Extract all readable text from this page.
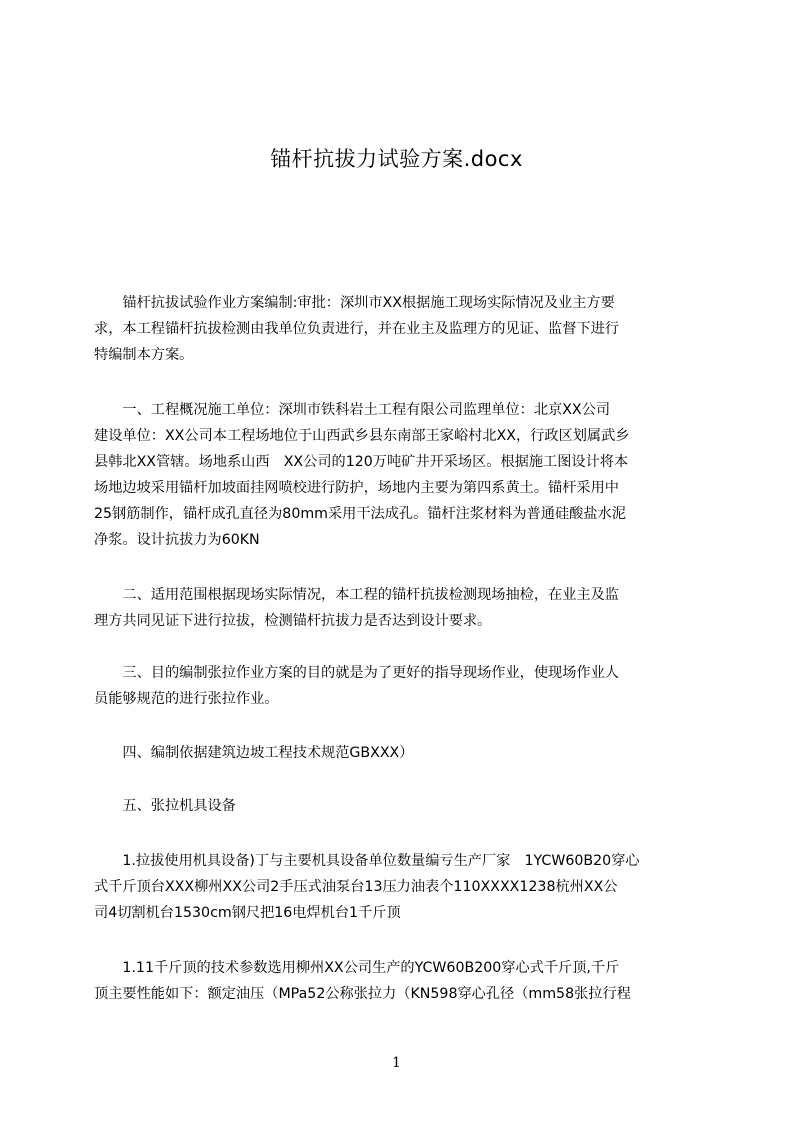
锚杆抗拔力试验方案.docx
　　锚杆抗拔试验作业方案编制:审批：深圳市XX根据施工现场实际情况及业主方要
求，本工程锚杆抗拔检测由我单位负责进行，并在业主及监理方的见证、监督下进行
特编制本方案。
　　一、工程概况施工单位：深圳市铁科岩土工程有限公司监理单位：北京XX公司
建设单位：XX公司本工程场地位于山西武乡县东南部王家峪村北XX，行政区划属武乡
县韩北XX管辖。场地系山西　XX公司的120万吨矿井开采场区。根据施工图设计将本
场地边坡采用锚杆加坡面挂网喷校进行防护，场地内主要为第四系黄土。锚杆采用中
25钢筋制作，锚杆成孔直径为80mm采用干法成孔。锚杆注浆材料为普通硅酸盐水泥
净浆。设计抗拔力为60KN
　　二、适用范围根据现场实际情况，本工程的锚杆抗拔检测现场抽检，在业主及监
理方共同见证下进行拉拔，检测锚杆抗拔力是否达到设计要求。
　　三、目的编制张拉作业方案的目的就是为了更好的指导现场作业，使现场作业人
员能够规范的进行张拉作业。
　　四、编制依据建筑边坡工程技术规范GBXXX）
　　五、张拉机具设备
　　1.拉拔使用机具设备)丁与主要机具设备单位数量编亏生产厂家　1YCW60B20穿心
式千斤顶台XXX柳州XX公司2手压式油泵台13压力油表个110XXXX1238杭州XX公
司4切割机台1530cm钢尺把16电焊机台1千斤顶
　　1.11千斤顶的技术参数选用柳州XX公司生产的YCW60B200穿心式千斤顶,千斤
顶主要性能如下：额定油压（MPa52公称张拉力（KN598穿心孔径（mm58张拉行程
1
